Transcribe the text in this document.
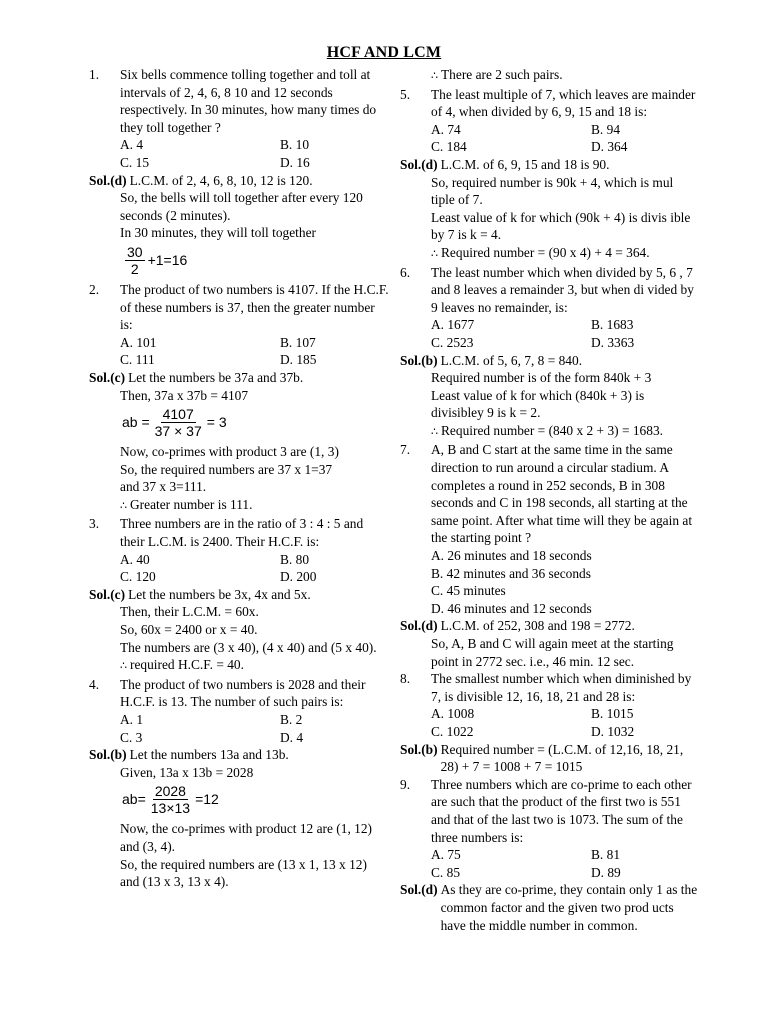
HCF AND LCM
1.	Six bells commence tolling together and toll at intervals of 2, 4, 6, 8 10 and 12 seconds respectively. In 30 minutes, how many times do they toll together ?
A. 4	B. 10
C. 15	D. 16
Sol.(d) L.C.M. of 2, 4, 6, 8, 10, 12 is 120.
So, the bells will toll together after every 120 seconds (2 minutes).
In 30 minutes, they will toll together
$\frac{30}{2} +1=16$
2.	The product of two numbers is 4107. If the H.C.F. of these numbers is 37, then the greater number is:
A. 101	B. 107
C. 111	D. 185
Sol.(c) Let the numbers be 37a and 37b.
Then, 37a x 37b = 4107
ab = $\frac{4107}{37 \times 37} = 3$
Now, co-primes with product 3 are (1, 3)
So, the required numbers are 37 x 1=37
and 37 x 3=111.
∴ Greater number is 111.
3.	Three numbers are in the ratio of 3 : 4 : 5 and their L.C.M. is 2400. Their H.C.F. is:
A. 40	B. 80
C. 120	D. 200
Sol.(c) Let the numbers be 3x, 4x and 5x.
Then, their L.C.M. = 60x.
So, 60x = 2400 or x = 40.
The numbers are (3 x 40), (4 x 40) and (5 x 40).
∴ required H.C.F. = 40.
4.	The product of two numbers is 2028 and their H.C.F. is 13. The number of such pairs is:
A. 1	B. 2
C. 3	D. 4
Sol.(b) Let the numbers 13a and 13b.
Given, 13a x 13b = 2028
$ab= \frac{2028}{13\times 13} =12$
Now, the co-primes with product 12 are (1, 12) and (3, 4).
So, the required numbers are (13 x 1, 13 x 12) and (13 x 3, 13 x 4).
∴ There are 2 such pairs.
5.	The least multiple of 7, which leaves are mainder of 4, when divided by 6, 9, 15 and 18 is:
A. 74	B. 94
C. 184	D. 364
Sol.(d) L.C.M. of 6, 9, 15 and 18 is 90.
So, required number is 90k + 4, which is mul tiple of 7.
Least value of k for which (90k + 4) is divis ible by 7 is k = 4.
∴ Required number = (90 x 4) + 4 = 364.
6.	The least number which when divided by 5, 6 , 7 and 8 leaves a remainder 3, but when di vided by 9 leaves no remainder, is:
A. 1677	B. 1683
C. 2523	D. 3363
Sol.(b) L.C.M. of 5, 6, 7, 8 = 840.
Required number is of the form 840k + 3
Least value of k for which (840k + 3) is divisibley 9 is k = 2.
∴ Required number = (840 x 2 + 3) = 1683.
7.	A, B and C start at the same time in the same direction to run around a circular stadium. A completes a round in 252 seconds, B in 308 seconds and C in 198 seconds, all starting at the same point. After what time will they be again at the starting point ?
A. 26 minutes and 18 seconds
B. 42 minutes and 36 seconds
C. 45 minutes
D. 46 minutes and 12 seconds
Sol.(d) L.C.M. of 252, 308 and 198 = 2772.
So, A, B and C will again meet at the starting point in 2772 sec. i.e., 46 min. 12 sec.
8.	The smallest number which when diminished by 7, is divisible 12, 16, 18, 21 and 28 is:
A. 1008	B. 1015
C. 1022	D. 1032
Sol.(b) Required number = (L.C.M. of 12,16, 18, 21, 28) + 7 = 1008 + 7 = 1015
9.	Three numbers which are co-prime to each other are such that the product of the first two is 551 and that of the last two is 1073. The sum of the three numbers is:
A. 75	B. 81
C. 85	D. 89
Sol.(d) As they are co-prime, they contain only 1 as the common factor and the given two prod ucts have the middle number in common.
